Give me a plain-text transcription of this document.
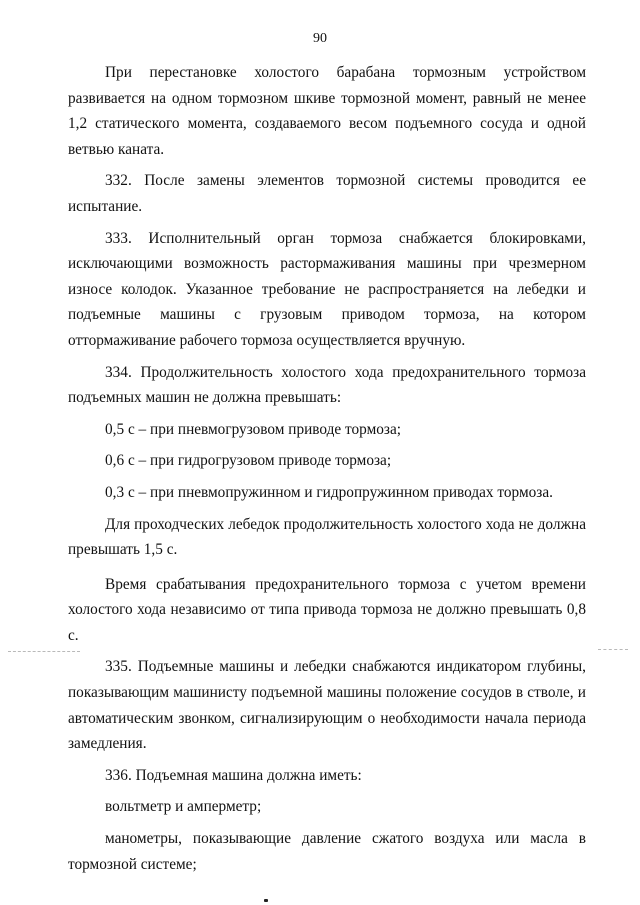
90

При перестановке холостого барабана тормозным устройством развивается на одном тормозном шкиве тормозной момент, равный не менее 1,2 статического момента, создаваемого весом подъемного сосуда и одной ветвью каната.

332. После замены элементов тормозной системы проводится ее испытание.

333. Исполнительный орган тормоза снабжается блокировками, исключающими возможность растормаживания машины при чрезмерном износе колодок. Указанное требование не распространяется на лебедки и подъемные машины с грузовым приводом тормоза, на котором оттормаживание рабочего тормоза осуществляется вручную.

334. Продолжительность холостого хода предохранительного тормоза подъемных машин не должна превышать:

0,5 с – при пневмогрузовом приводе тормоза;

0,6 с – при гидрогрузовом приводе тормоза;

0,3 с – при пневмопружинном и гидропружинном приводах тормоза.

Для проходческих лебедок продолжительность холостого хода не должна превышать 1,5 с.

Время срабатывания предохранительного тормоза с учетом времени холостого хода независимо от типа привода тормоза не должно превышать 0,8 с.

335. Подъемные машины и лебедки снабжаются индикатором глубины, показывающим машинисту подъемной машины положение сосудов в стволе, и автоматическим звонком, сигнализирующим о необходимости начала периода замедления.

336. Подъемная машина должна иметь:

вольтметр и амперметр;

манометры, показывающие давление сжатого воздуха или масла в тормозной системе;
